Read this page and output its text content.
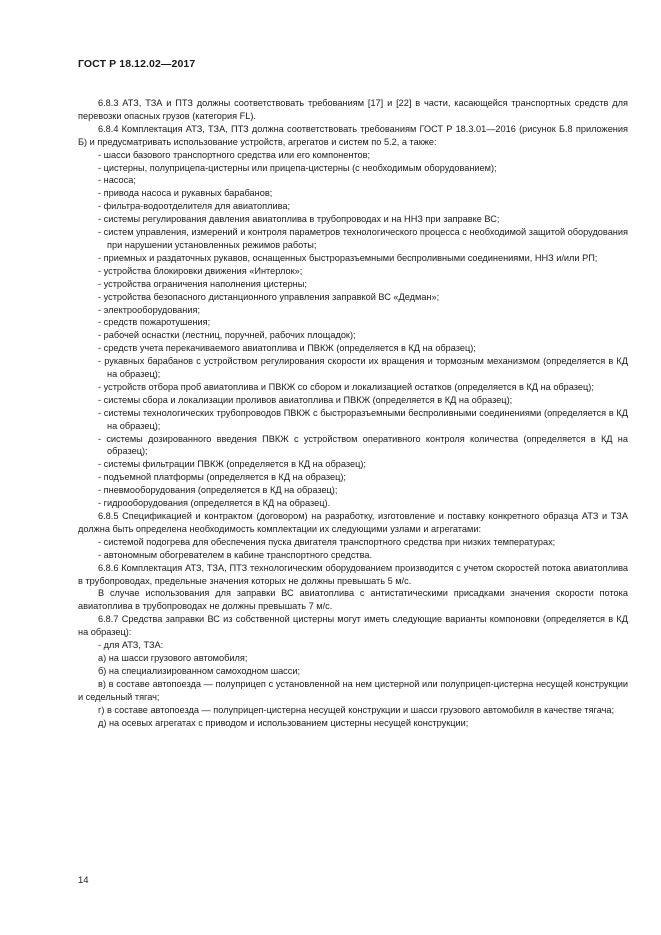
ГОСТ Р 18.12.02—2017

6.8.3 АТЗ, ТЗА и ПТЗ должны соответствовать требованиям [17] и [22] в части, касающейся транспортных средств для перевозки опасных грузов (категория FL).

6.8.4 Комплектация АТЗ, ТЗА, ПТЗ должна соответствовать требованиям ГОСТ Р 18.3.01—2016 (рисунок Б.8 приложения Б) и предусматривать использование устройств, агрегатов и систем по 5.2, а также:

- шасси базового транспортного средства или его компонентов;

- цистерны, полуприцепа-цистерны или прицепа-цистерны (с необходимым оборудованием);

- насоса;

- привода насоса и рукавных барабанов;

- фильтра-водоотделителя для авиатоплива;

- системы регулирования давления авиатоплива в трубопроводах и на ННЗ при заправке ВС;

- систем управления, измерений и контроля параметров технологического процесса с необходимой защитой оборудования при нарушении установленных режимов работы;

- приемных и раздаточных рукавов, оснащенных быстроразъемными беспроливными соединениями, ННЗ и/или РП;

- устройства блокировки движения «Интерлок»;

- устройства ограничения наполнения цистерны;

- устройства безопасного дистанционного управления заправкой ВС «Дедман»;

- электрооборудования;

- средств пожаротушения;

- рабочей оснастки (лестниц, поручней, рабочих площадок);

- средств учета перекачиваемого авиатоплива и ПВКЖ (определяется в КД на образец);

- рукавных барабанов с устройством регулирования скорости их вращения и тормозным механизмом (определяется в КД на образец);

- устройств отбора проб авиатоплива и ПВКЖ со сбором и локализацией остатков (определяется в КД на образец);

- системы сбора и локализации проливов авиатоплива и ПВКЖ (определяется в КД на образец);

- системы технологических трубопроводов ПВКЖ с быстроразъемными беспроливными соединениями (определяется в КД на образец);

- системы дозированного введения ПВКЖ с устройством оперативного контроля количества (определяется в КД на образец);

- системы фильтрации ПВКЖ (определяется в КД на образец);

- подъемной платформы (определяется в КД на образец);

- пневмооборудования (определяется в КД на образец);

- гидрооборудования (определяется в КД на образец).

6.8.5 Спецификацией и контрактом (договором) на разработку, изготовление и поставку конкретного образца АТЗ и ТЗА должна быть определена необходимость комплектации их следующими узлами и агрегатами:

- системой подогрева для обеспечения пуска двигателя транспортного средства при низких температурах;

- автономным обогревателем в кабине транспортного средства.

6.8.6 Комплектация АТЗ, ТЗА, ПТЗ технологическим оборудованием производится с учетом скоростей потока авиатоплива в трубопроводах, предельные значения которых не должны превышать 5 м/с.

В случае использования для заправки ВС авиатоплива с антистатическими присадками значения скорости потока авиатоплива в трубопроводах не должны превышать 7 м/с.

6.8.7 Средства заправки ВС из собственной цистерны могут иметь следующие варианты компоновки (определяется в КД на образец):

- для АТЗ, ТЗА:

а) на шасси грузового автомобиля;

б) на специализированном самоходном шасси;

в) в составе автопоезда — полуприцеп с установленной на нем цистерной или полуприцеп-цистерна несущей конструкции и седельный тягач;

г) в составе автопоезда — полуприцеп-цистерна несущей конструкции и шасси грузового автомобиля в качестве тягача;

д) на осевых агрегатах с приводом и использованием цистерны несущей конструкции;

14
